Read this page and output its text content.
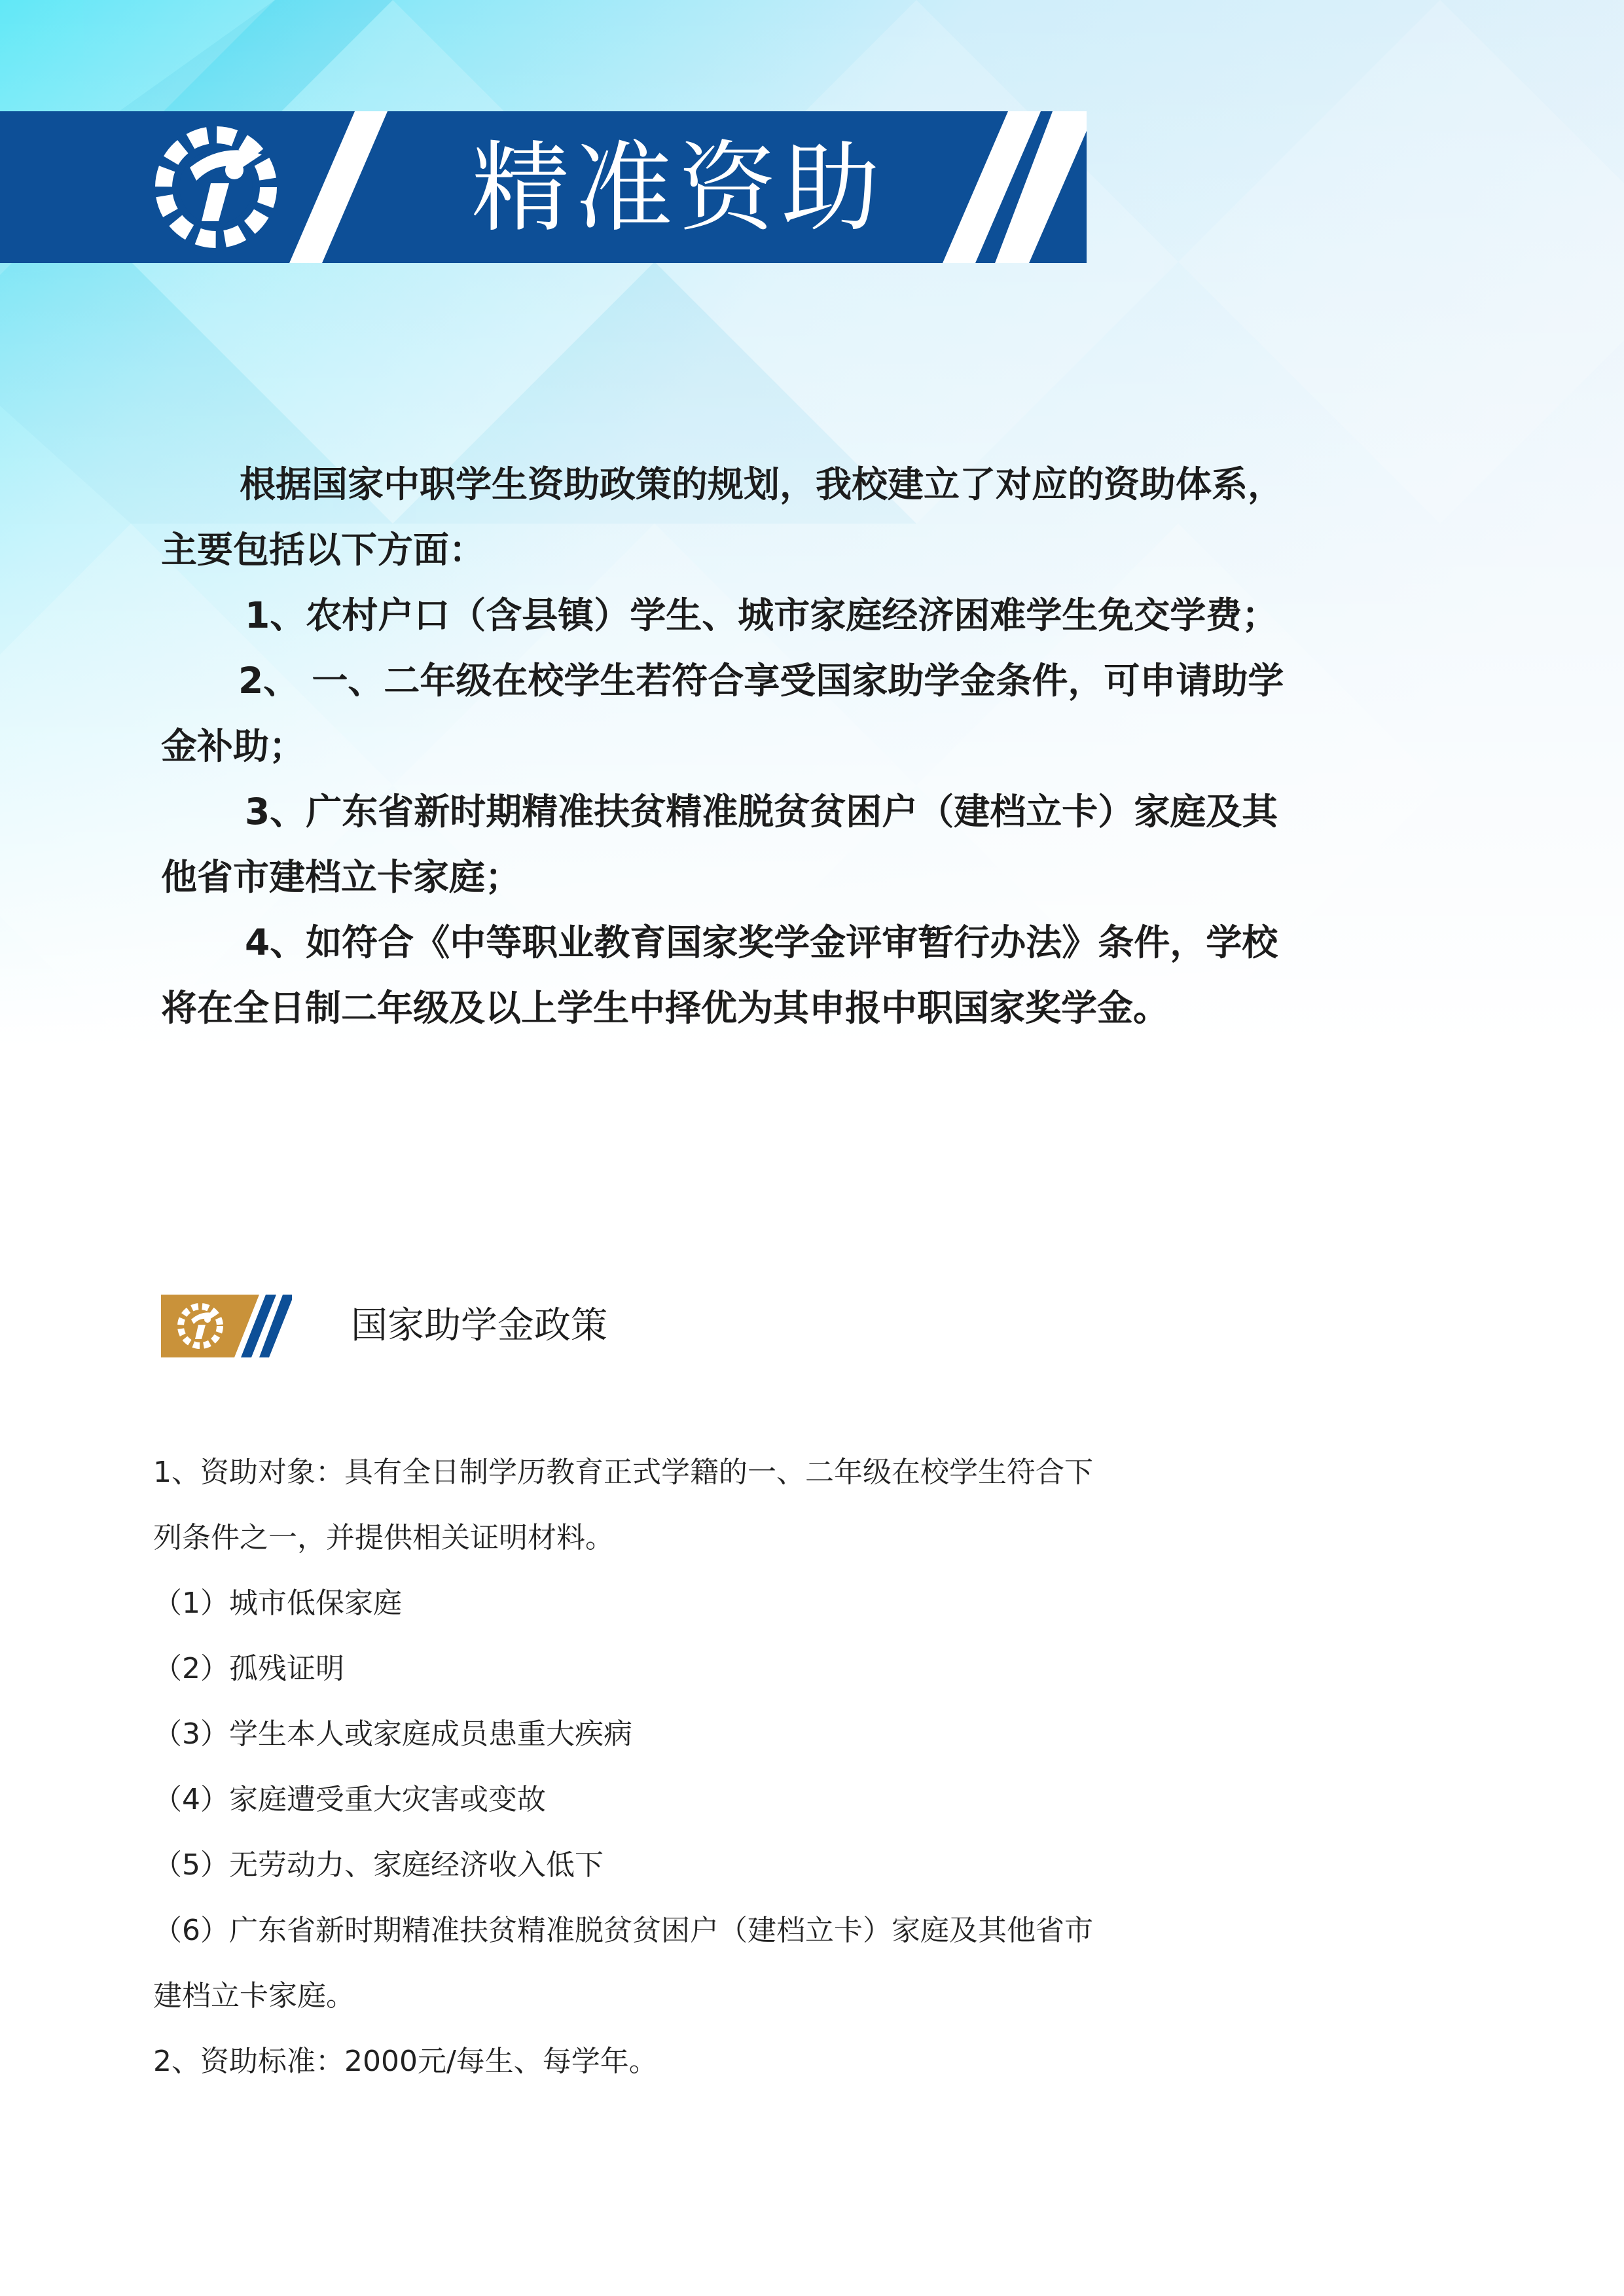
精准资助

根据国家中职学生资助政策的规划，我校建立了对应的资助体系，

主要包括以下方面：

1、农村户口（含县镇）学生、城市家庭经济困难学生免交学费；

2、 一、二年级在校学生若符合享受国家助学金条件，可申请助学

金补助；

3、广东省新时期精准扶贫精准脱贫贫困户（建档立卡）家庭及其

他省市建档立卡家庭；

4、如符合《中等职业教育国家奖学金评审暂行办法》条件，学校

将在全日制二年级及以上学生中择优为其申报中职国家奖学金。

国家助学金政策
1、资助对象：具有全日制学历教育正式学籍的一、二年级在校学生符合下
列条件之一，并提供相关证明材料。
（1）城市低保家庭
（2）孤残证明
（3）学生本人或家庭成员患重大疾病
（4）家庭遭受重大灾害或变故
（5）无劳动力、家庭经济收入低下
（6）广东省新时期精准扶贫精准脱贫贫困户（建档立卡）家庭及其他省市
建档立卡家庭。
2、资助标准：2000元/每生、每学年。
